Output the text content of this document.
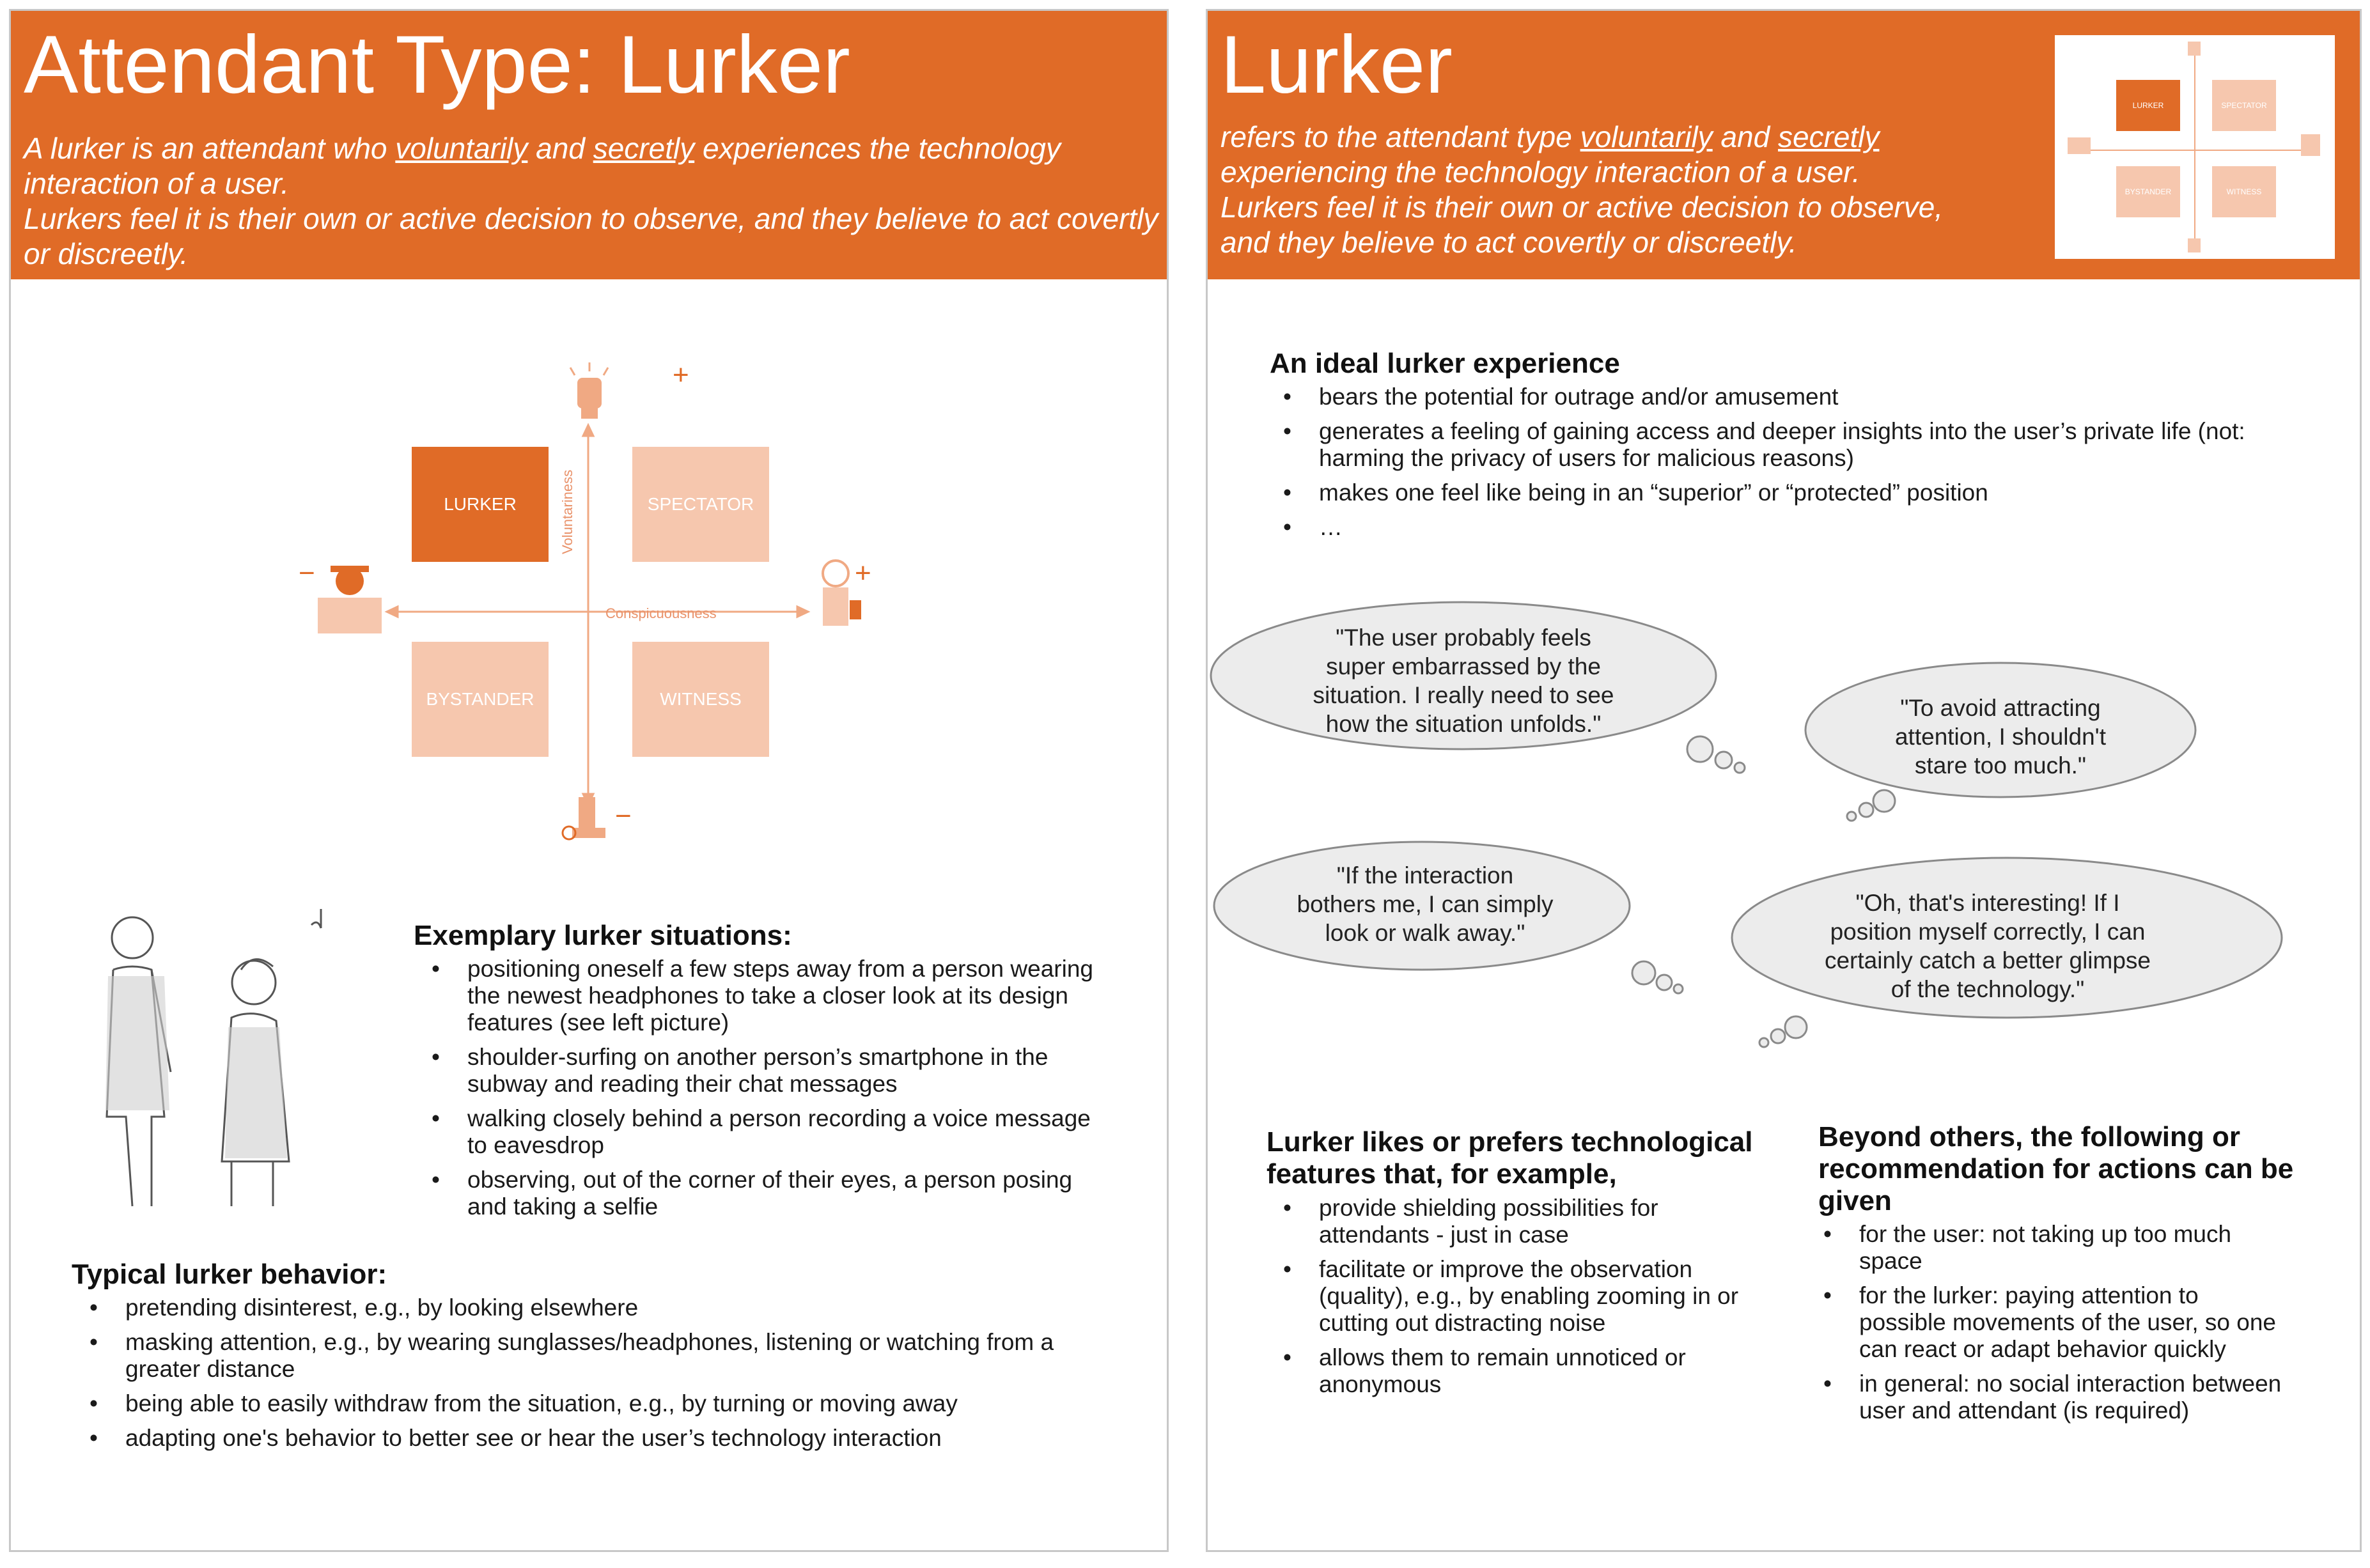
Attendant Type: Lurker
A lurker is an attendant who voluntarily and secretly experiences the technology
interaction of a user.
Lurkers feel it is their own or active decision to observe, and they believe to act covertly
or discreetly.
+
−	+
−
LURKER	SPECTATOR
BYSTANDER	WITNESS
Voluntariness
Conspicuousness
Exemplary lurker situations:
• positioning oneself a few steps away from a person wearing
the newest headphones to take a closer look at its design
features (see left picture)
• shoulder-surfing on another person’s smartphone in the
subway and reading their chat messages
• walking closely behind a person recording a voice message
to eavesdrop
• observing, out of the corner of their eyes, a person posing
and taking a selfie
Typical lurker behavior:
• pretending disinterest, e.g., by looking elsewhere
• masking attention, e.g., by wearing sunglasses/headphones, listening or watching from a
greater distance
• being able to easily withdraw from the situation, e.g., by turning or moving away
• adapting one's behavior to better see or hear the user’s technology interaction
Lurker
refers to the attendant type voluntarily and secretly
experiencing the technology interaction of a user.
Lurkers feel it is their own or active decision to observe,
and they believe to act covertly or discreetly.
LURKER	SPECTATOR
BYSTANDER	WITNESS
An ideal lurker experience
• bears the potential for outrage and/or amusement
• generates a feeling of gaining access and deeper insights into the user’s private life (not:
harming the privacy of users for malicious reasons)
• makes one feel like being in an “superior” or “protected” position
• …
"The user probably feels
super embarrassed by the
situation. I really need to see
how the situation unfolds."
"To avoid attracting
attention, I shouldn't
stare too much."
"If the interaction
bothers me, I can simply
look or walk away."
"Oh, that's interesting! If I
position myself correctly, I can
certainly catch a better glimpse
of the technology."
Lurker likes or prefers technological
features that, for example,
• provide shielding possibilities for
attendants - just in case
• facilitate or improve the observation
(quality), e.g., by enabling zooming in or
cutting out distracting noise
• allows them to remain unnoticed or
anonymous
Beyond others, the following or
recommendation for actions can be
given
• for the user: not taking up too much
space
• for the lurker: paying attention to
possible movements of the user, so one
can react or adapt behavior quickly
• in general: no social interaction between
user and attendant (is required)
